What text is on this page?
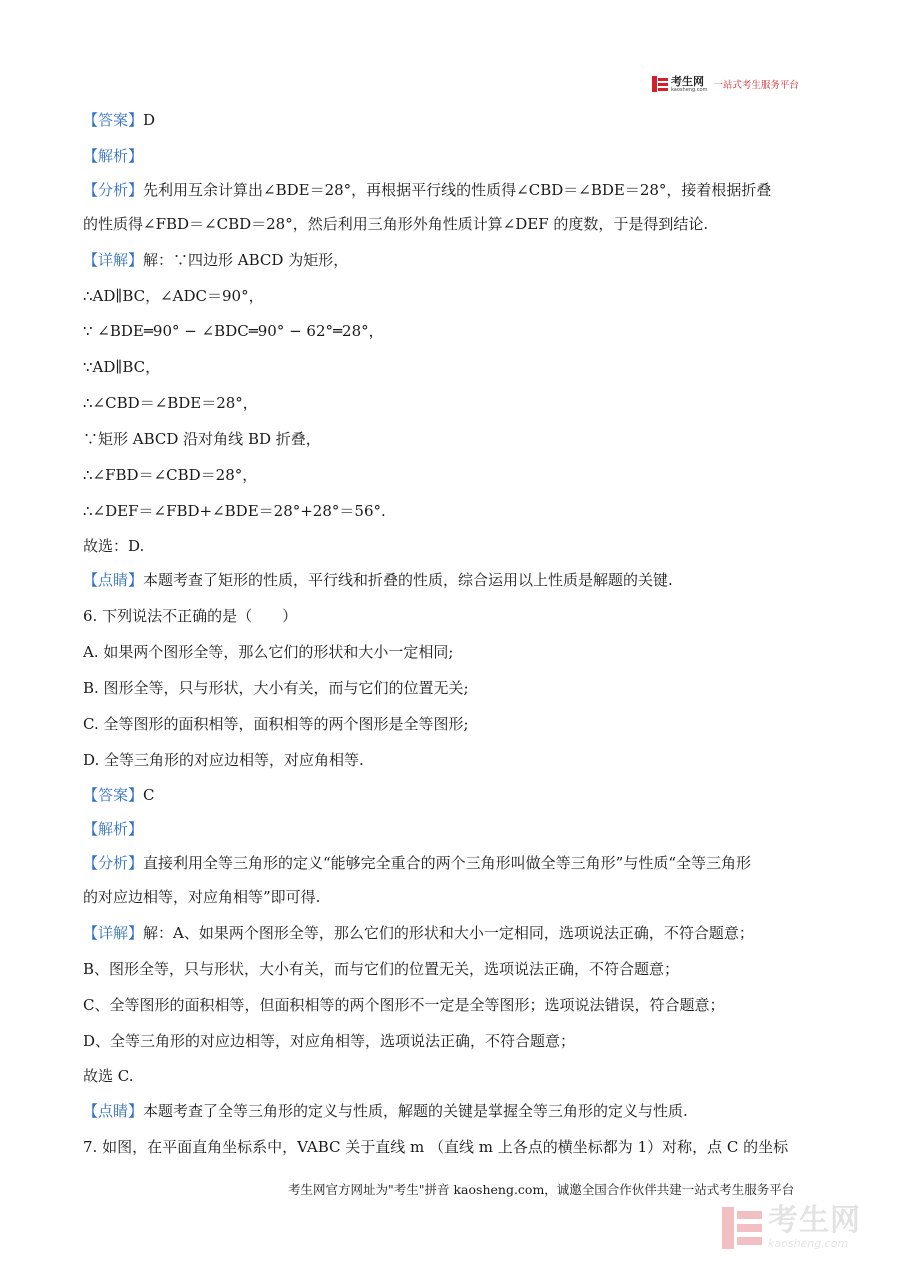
考生网
kaosheng.com 一站式考生服务平台
【答案】D
【解析】
【分析】先利用互余计算出∠BDE＝28°，再根据平行线的性质得∠CBD＝∠BDE＝28°，接着根据折叠
的性质得∠FBD＝∠CBD＝28°，然后利用三角形外角性质计算∠DEF 的度数，于是得到结论.
【详解】解：∵四边形 ABCD 为矩形，
∴AD∥BC，∠ADC＝90°，
∵ ∠BDE═90° − ∠BDC═90° − 62°═28°，
∵AD∥BC，
∴∠CBD＝∠BDE＝28°，
∵矩形 ABCD 沿对角线 BD 折叠，
∴∠FBD＝∠CBD＝28°，
∴∠DEF＝∠FBD+∠BDE＝28°+28°＝56°.
故选：D.
【点睛】本题考查了矩形的性质，平行线和折叠的性质，综合运用以上性质是解题的关键.
6. 下列说法不正确的是（　　）
A. 如果两个图形全等，那么它们的形状和大小一定相同;
B. 图形全等，只与形状，大小有关，而与它们的位置无关;
C. 全等图形的面积相等，面积相等的两个图形是全等图形;
D. 全等三角形的对应边相等，对应角相等.
【答案】C
【解析】
【分析】直接利用全等三角形的定义“能够完全重合的两个三角形叫做全等三角形”与性质“全等三角形
的对应边相等，对应角相等”即可得.
【详解】解：A、如果两个图形全等，那么它们的形状和大小一定相同，选项说法正确，不符合题意；
B、图形全等，只与形状，大小有关，而与它们的位置无关，选项说法正确，不符合题意；
C、全等图形的面积相等，但面积相等的两个图形不一定是全等图形；选项说法错误，符合题意；
D、全等三角形的对应边相等，对应角相等，选项说法正确，不符合题意；
故选 C.
【点睛】本题考查了全等三角形的定义与性质，解题的关键是掌握全等三角形的定义与性质.
7. 如图，在平面直角坐标系中，VABC 关于直线 m （直线 m 上各点的横坐标都为 1）对称，点 C 的坐标
考生网官方网址为"考生"拼音 kaosheng.com，诚邀全国合作伙伴共建一站式考生服务平台
考生网
kaosheng.com
